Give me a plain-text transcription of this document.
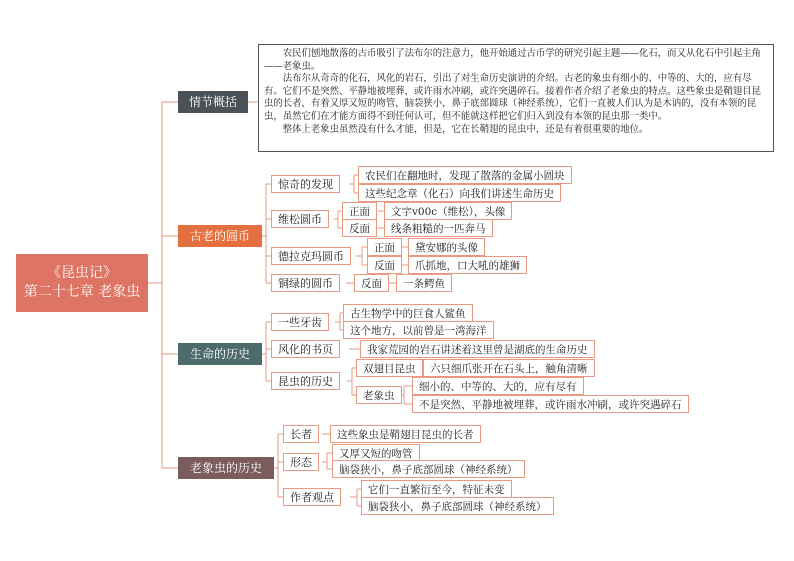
《昆虫记》
第二十七章 老象虫
情节概括
古老的圆币
生命的历史
老象虫的历史

农民们刨地散落的古币吸引了法布尔的注意力，他开始通过古币学的研究引起主题——化石，而又从化石中引起主角——老象虫。

法布尔从奇奇的化石，风化的岩石，引出了对生命历史演讲的介绍。古老的象虫有细小的、中等的、大的，应有尽有。它们不是突然、平静地被埋葬，或许雨水冲刷，或许突遇碎石。接着作者介绍了老象虫的特点。这些象虫是鞘翅目昆虫的长者，有着又厚又短的吻管，脑袋狭小，鼻子底部圆球（神经系统），它们一直被人们认为是木讷的，没有本领的昆虫，虽然它们在才能方面得不到任何认可，但不能就这样把它们归入到没有本领的昆虫那一类中。

整体上老象虫虽然没有什么才能，但是，它在长鞘翅的昆虫中，还是有着很重要的地位。

惊奇的发现
农民们在翻地时，发现了散落的金属小圆块
这些纪念章（化石）向我们讲述生命历史
维松圆币
正面	文字v00c（维松），头像
反面	线条粗糙的一匹奔马
德拉克玛圆币
正面	黛安娜的头像
反面	爪抓地，口大吼的雄狮
铜绿的圆币	反面	一条鳄鱼
一些牙齿
古生物学中的巨食人鲨鱼
这个地方，以前曾是一湾海洋
风化的书页	我家荒园的岩石讲述着这里曾是湖底的生命历史
昆虫的历史
双翅目昆虫	六只细爪张开在石头上，触角清晰
老象虫
细小的、中等的、大的，应有尽有
不是突然、平静地被埋葬，或许雨水冲刷，或许突遇碎石
长者	这些象虫是鞘翅目昆虫的长者
形态
又厚又短的吻管
脑袋狭小，鼻子底部圆球（神经系统）
作者观点
它们一直繁衍至今，特征未变
脑袋狭小，鼻子底部圆球（神经系统）
